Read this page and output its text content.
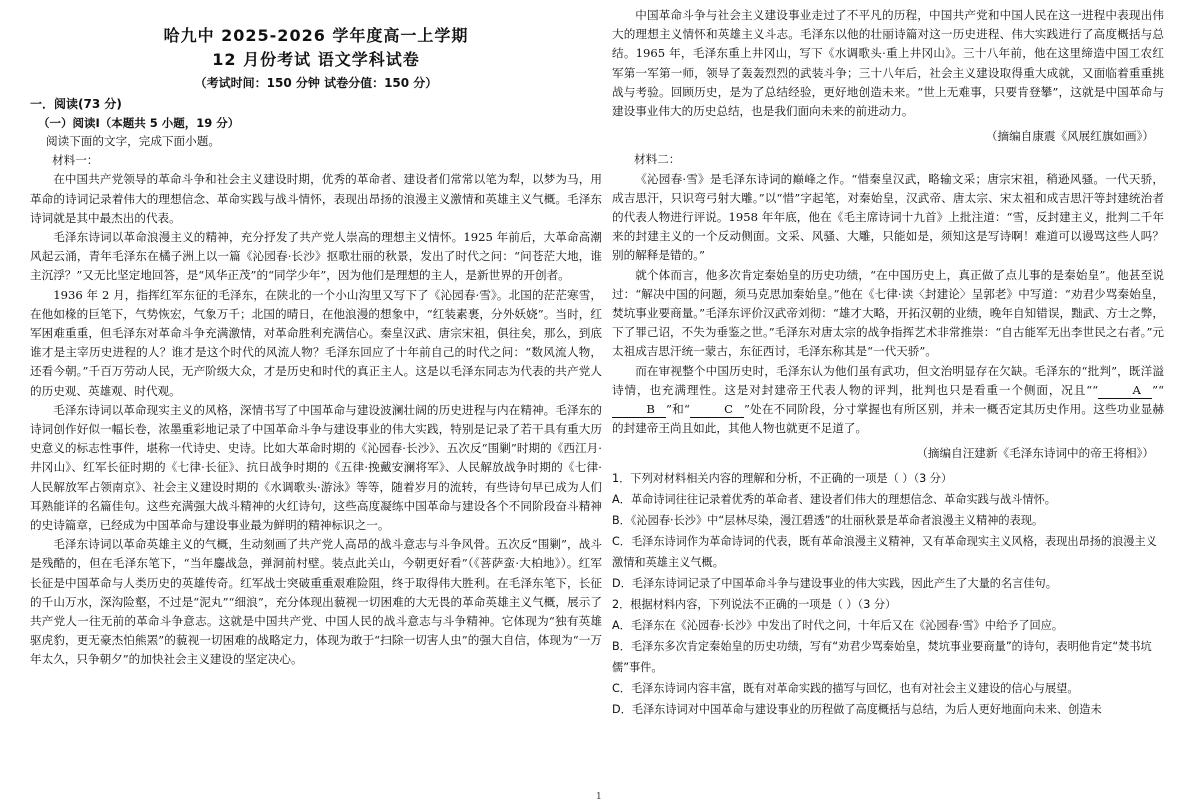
哈九中 2025-2026 学年度高一上学期
12 月份考试 语文学科试卷
（考试时间：150 分钟 试卷分值：150 分）
一．阅读(73 分)
（一）阅读Ⅰ（本题共 5 小题，19 分）
阅读下面的文字，完成下面小题。
材料一：

在中国共产党领导的革命斗争和社会主义建设时期，优秀的革命者、建设者们常常以笔为犁，以梦为马，用革命的诗词记录着伟大的理想信念、革命实践与战斗情怀，表现出昂扬的浪漫主义激情和英雄主义气概。毛泽东诗词就是其中最杰出的代表。

毛泽东诗词以革命浪漫主义的精神，充分抒发了共产党人崇高的理想主义情怀。1925 年前后，大革命高潮风起云涌，青年毛泽东在橘子洲上以一篇《沁园春·长沙》抠歌壮丽的秋景，发出了时代之问：“问苍茫大地，谁主沉浮？”又无比坚定地回答，是“风华正茂”的“同学少年”，因为他们是理想的主人，是新世界的开创者。

1936 年 2 月，指挥红军东征的毛泽东，在陕北的一个小山沟里又写下了《沁园春·雪》。北国的茫茫寒雪，在他如椽的巨笔下，气势恢宏，气象万千；北国的晴日，在他浪漫的想象中，“红装素裹，分外妖娆”。当时，红军困难重重，但毛泽东对革命斗争充满激情，对革命胜利充满信心。秦皇汉武、唐宗宋祖，俱往矣，那么，到底谁才是主宰历史进程的人？谁才是这个时代的风流人物？毛泽东回应了十年前自己的时代之问：“数风流人物，还看今朝。”千百万劳动人民，无产阶级大众，才是历史和时代的真正主人。这是以毛泽东同志为代表的共产党人的历史观、英雄观、时代观。

毛泽东诗词以革命现实主义的风格，深情书写了中国革命与建设波澜壮阔的历史进程与内在精神。毛泽东的诗词创作好似一幅长卷，浓墨重彩地记录了中国革命斗争与建设事业的伟大实践，特别是记录了若干具有重大历史意义的标志性事件，堪称一代诗史、史诗。比如大革命时期的《沁园春·长沙》、五次反“围剿”时期的《西江月·井冈山》、红军长征时期的《七律·长征》、抗日战争时期的《五律·挽戴安澜将军》、人民解放战争时期的《七律·人民解放军占领南京》、社会主义建设时期的《水调歌头·游泳》等等，随着岁月的流转，有些诗句早已成为人们耳熟能详的名篇佳句。这些充满强大战斗精神的火红诗句，这些高度凝练中国革命与建设各个不同阶段奋斗精神的史诗篇章，已经成为中国革命与建设事业最为鲜明的精神标识之一。

毛泽东诗词以革命英雄主义的气概，生动刻画了共产党人高昂的战斗意志与斗争风骨。五次反“围剿”，战斗是残酷的，但在毛泽东笔下，“当年鏖战急，弹洞前村壁。装点此关山，今朝更好看”（《菩萨蛮·大柏地》）。红军长征是中国革命与人类历史的英雄传奇。红军战士突破重重艰难险阻，终于取得伟大胜利。在毛泽东笔下，长征的千山万水，深沟险壑，不过是“泥丸”“细浪”，充分体现出藐视一切困难的大无畏的革命英雄主义气概，展示了共产党人一往无前的革命斗争意志。这就是中国共产党、中国人民的战斗意志与斗争精神。它体现为“独有英雄驱虎豹，更无豪杰怕熊罴”的藐视一切困难的战略定力，体现为敢于“扫除一切害人虫”的强大自信，体现为“一万年太久，只争朝夕”的加快社会主义建设的坚定决心。

中国革命斗争与社会主义建设事业走过了不平凡的历程，中国共产党和中国人民在这一进程中表现出伟大的理想主义情怀和英雄主义斗志。毛泽东以他的壮丽诗篇对这一历史进程、伟大实践进行了高度概括与总结。1965 年，毛泽东重上井冈山，写下《水调歌头·重上井冈山》。三十八年前，他在这里缔造中国工农红军第一军第一师，领导了轰轰烈烈的武装斗争；三十八年后，社会主义建设取得重大成就，又面临着重重挑战与考验。回顾历史，是为了总结经验，更好地创造未来。“世上无难事，只要肯登攀”，这就是中国革命与建设事业伟大的历史总结，也是我们面向未来的前进动力。

（摘编自康震《风展红旗如画》）
材料二：

《沁园春·雪》是毛泽东诗词的巅峰之作。“惜秦皇汉武，略输文采；唐宗宋祖，稍逊风骚。一代天骄，成吉思汗，只识弯弓射大雕。”以“惜”字起笔，对秦始皇，汉武帝、唐太宗、宋太祖和成吉思汗等封建统治者的代表人物进行评说。1958 年年底，他在《毛主席诗词十九首》上批注道：“雪，反封建主义，批判二千年来的封建主义的一个反动侧面。文采、风骚、大雕，只能如是，须知这是写诗啊！难道可以谩骂这些人吗？别的解释是错的。”

就个体而言，他多次肯定秦始皇的历史功绩，“在中国历史上，真正做了点儿事的是秦始皇”。他甚至说过：“解决中国的问题，须马克思加秦始皇。”他在《七律·读〈封建论〉呈郭老》中写道：“劝君少骂秦始皇，焚坑事业要商量。”毛泽东评价汉武帝刘彻：“雄才大略，开拓汉朝的业绩，晚年自知错误，黜武、方士之弊，下了罪己诏，不失为垂鉴之世。”毛泽东对唐太宗的战争指挥艺术非常推崇：“自古能军无出李世民之右者。”元太祖成吉思汗统一蒙古，东征西讨，毛泽东称其是“一代天骄”。

而在审视整个中国历史时，毛泽东认为他们虽有武功，但文治明显存在欠缺。毛泽东的“批判”，既洋溢诗情，也充满理性。这是对封建帝王代表人物的评判，批判也只是看重一个侧面，况且““	A ”“B ”和“	C ”处在不同阶段，分寸掌握也有所区别，并未一概否定其历史作用。这些功业显赫的封建帝王尚且如此，其他人物也就更不足道了。

（摘编自汪建新《毛泽东诗词中的帝王将相》）

1．下列对材料相关内容的理解和分析，不正确的一项是（ ）（3 分）

A．革命诗词往往记录着优秀的革命者、建设者们伟大的理想信念、革命实践与战斗情怀。

B．《沁园春·长沙》中“层林尽染，漫江碧透”的壮丽秋景是革命者浪漫主义精神的表现。

C．毛泽东诗词作为革命诗词的代表，既有革命浪漫主义精神，又有革命现实主义风格，表现出昂扬的浪漫主义激情和英雄主义气概。

D．毛泽东诗词记录了中国革命斗争与建设事业的伟大实践，因此产生了大量的名言佳句。

2．根据材料内容，下列说法不正确的一项是（ ）（3 分）

A．毛泽东在《沁园春·长沙》中发出了时代之问，十年后又在《沁园春·雪》中给予了回应。

B．毛泽东多次肯定秦始皇的历史功绩，写有“劝君少骂秦始皇，焚坑事业要商量”的诗句，表明他肯定“焚书坑儒”事件。

C．毛泽东诗词内容丰富，既有对革命实践的描写与回忆，也有对社会主义建设的信心与展望。

D．毛泽东诗词对中国革命与建设事业的历程做了高度概括与总结，为后人更好地面向未来、创造未

1
